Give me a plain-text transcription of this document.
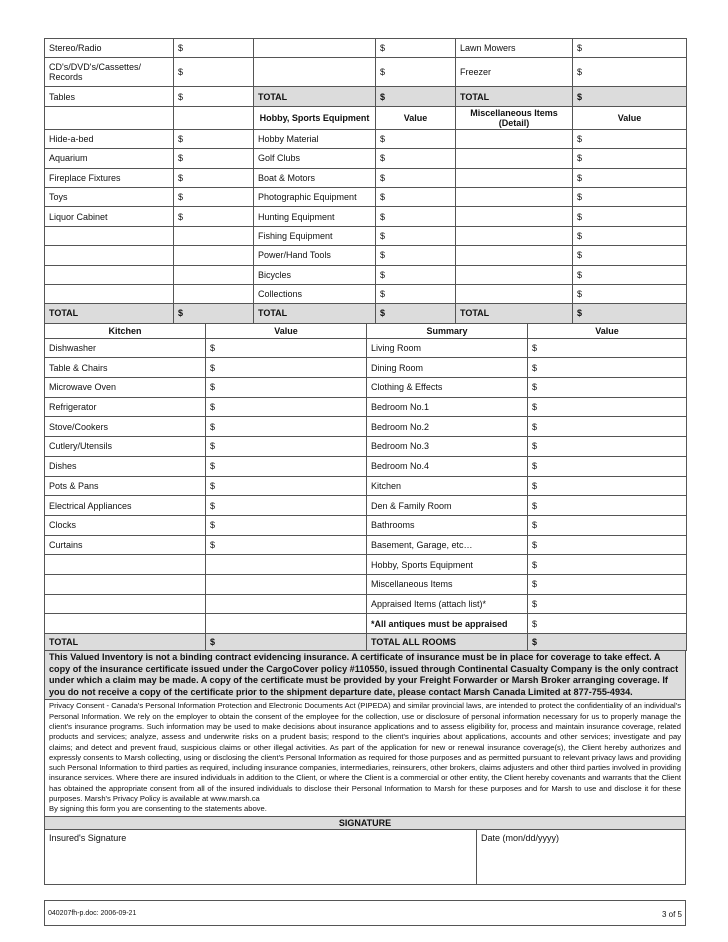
Stereo/Radio	$		$	Lawn Mowers	$
CD's/DVD's/Cassettes/ Records	$		$	Freezer	$
Tables	$	TOTAL	$	TOTAL	$
		Hobby, Sports Equipment	Value	Miscellaneous Items (Detail)	Value
Hide-a-bed	$	Hobby Material	$		$
Aquarium	$	Golf Clubs	$		$
Fireplace Fixtures	$	Boat & Motors	$		$
Toys	$	Photographic Equipment	$		$
Liquor Cabinet	$	Hunting Equipment	$		$
		Fishing Equipment	$		$
		Power/Hand Tools	$		$
		Bicycles	$		$
		Collections	$		$
TOTAL	$	TOTAL	$	TOTAL	$
Kitchen	Value	Summary	Value
Dishwasher	$	Living Room	$
Table & Chairs	$	Dining Room	$
Microwave Oven	$	Clothing & Effects	$
Refrigerator	$	Bedroom No.1	$
Stove/Cookers	$	Bedroom No.2	$
Cutlery/Utensils	$	Bedroom No.3	$
Dishes	$	Bedroom No.4	$
Pots & Pans	$	Kitchen	$
Electrical Appliances	$	Den & Family Room	$
Clocks	$	Bathrooms	$
Curtains	$	Basement, Garage, etc…	$
		Hobby, Sports Equipment	$
		Miscellaneous Items	$
		Appraised Items (attach list)*	$
		*All antiques must be appraised	$
TOTAL	$	TOTAL ALL ROOMS	$
This Valued Inventory is not a binding contract evidencing insurance. A certificate of insurance must be in place for coverage to take effect. A copy of the insurance certificate issued under the CargoCover policy #110550, issued through Continental Casualty Company is the only contract under which a claim may be made. A copy of the certificate must be provided by your Freight Forwarder or Marsh Broker arranging coverage. If you do not receive a copy of the certificate prior to the shipment departure date, please contact Marsh Canada Limited at 877-755-4934.
Privacy Consent - Canada's Personal Information Protection and Electronic Documents Act (PIPEDA) and similar provincial laws, are intended to protect the confidentiality of an individual's Personal Information. We rely on the employer to obtain the consent of the employee for the collection, use or disclosure of personal information necessary for us to properly manage the client's insurance programs. Such information may be used to make decisions about insurance applications and to assess eligibility for, process and maintain insurance coverage, related products and services; analyze, assess and underwrite risks on a prudent basis; respond to the client's inquiries about applications, accounts and other services; investigate and pay claims; and detect and prevent fraud, suspicious claims or other illegal activities. As part of the application for new or renewal insurance coverage(s), the Client hereby authorizes and expressly consents to Marsh collecting, using or disclosing the client's Personal Information as required for those purposes and as permitted pursuant to relevant privacy laws and providing such Personal Information to third parties as required, including insurance companies, intermediaries, reinsurers, other brokers, claims adjusters and other third parties involved in providing insurance services. Where there are insured individuals in addition to the Client, or where the Client is a commercial or other entity, the Client hereby covenants and warrants that the Client has obtained the appropriate consent from all of the insured individuals to disclose their Personal Information to Marsh for these purposes and for Marsh to use and disclose it for these purposes. Marsh's Privacy Policy is available at www.marsh.ca
By signing this form you are consenting to the statements above.
SIGNATURE
Insured's Signature	Date (mon/dd/yyyy)
040207fh-p.doc: 2006-09-21	3 of 5
